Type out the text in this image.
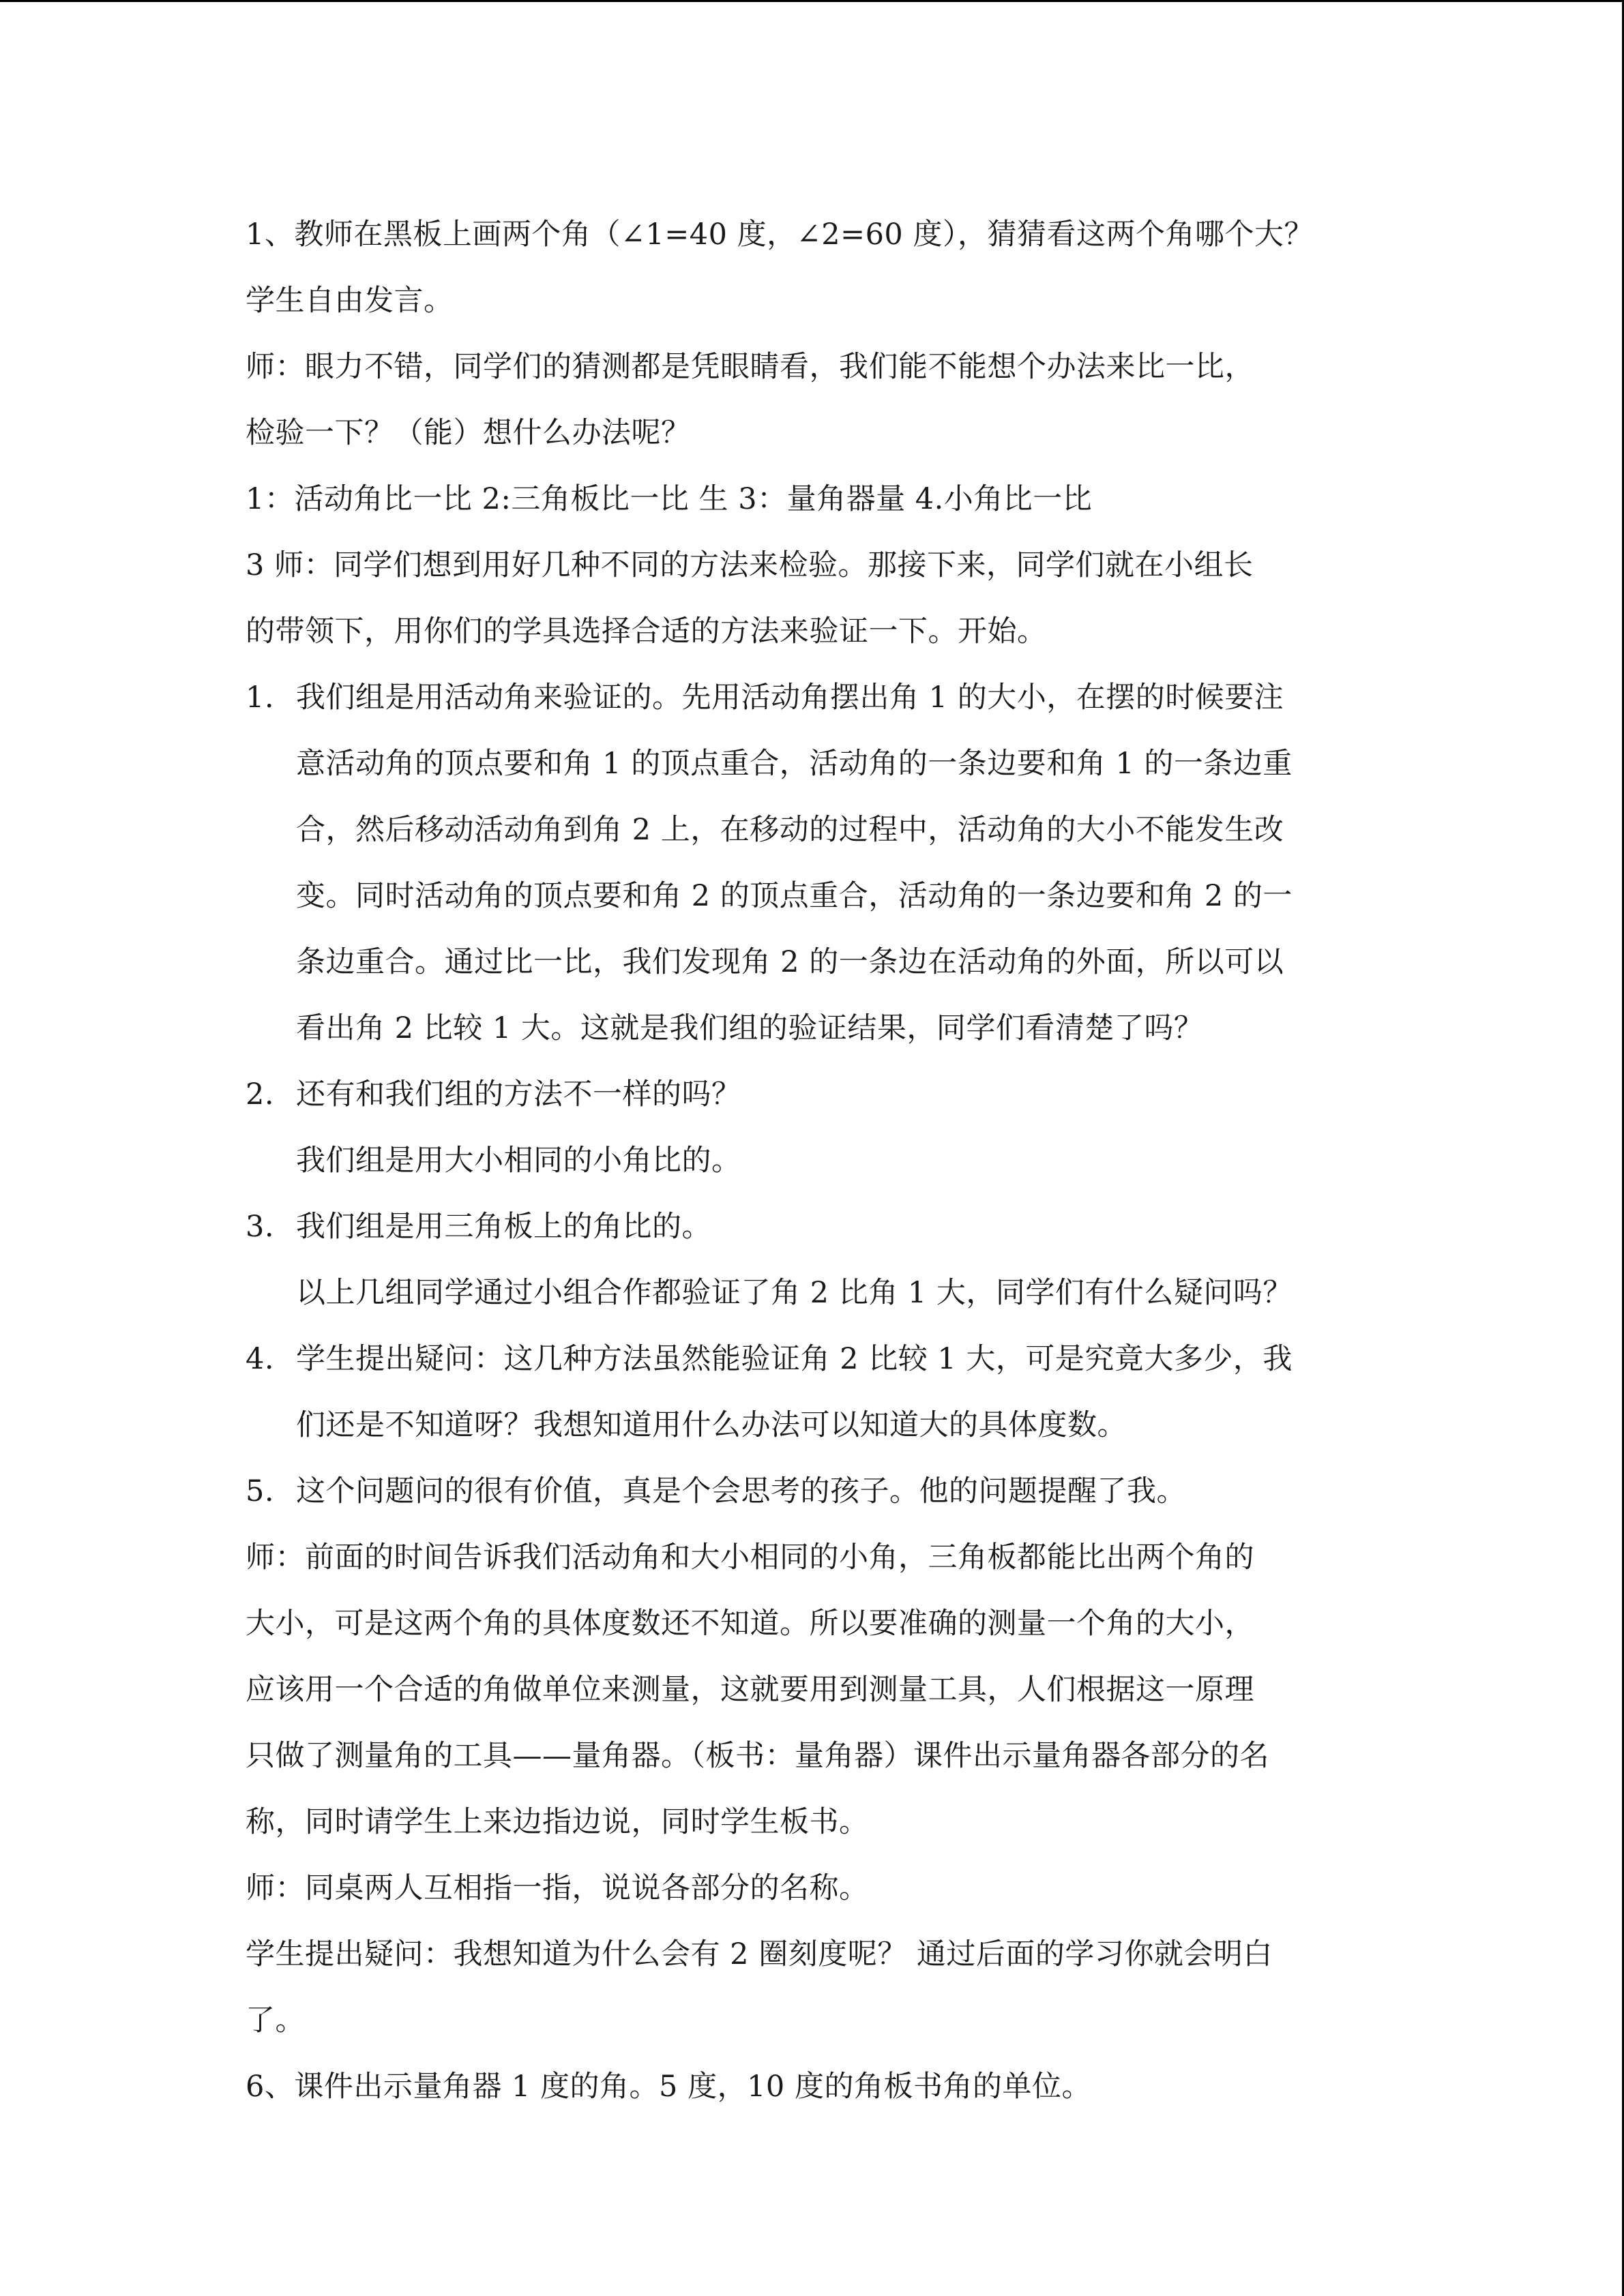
1、教师在黑板上画两个角（∠1=40 度，∠2=60 度），猜猜看这两个角哪个大？
学生自由发言。
师：眼力不错，同学们的猜测都是凭眼睛看，我们能不能想个办法来比一比，
检验一下？（能）想什么办法呢？
1：活动角比一比 2:三角板比一比 生 3：量角器量 4.小角比一比
3 师：同学们想到用好几种不同的方法来检验。那接下来，同学们就在小组长
的带领下，用你们的学具选择合适的方法来验证一下。开始。
1. 我们组是用活动角来验证的。先用活动角摆出角 1 的大小，在摆的时候要注
意活动角的顶点要和角 1 的顶点重合，活动角的一条边要和角 1 的一条边重
合，然后移动活动角到角 2 上，在移动的过程中，活动角的大小不能发生改
变。同时活动角的顶点要和角 2 的顶点重合，活动角的一条边要和角 2 的一
条边重合。通过比一比，我们发现角 2 的一条边在活动角的外面，所以可以
看出角 2 比较 1 大。这就是我们组的验证结果，同学们看清楚了吗？
2. 还有和我们组的方法不一样的吗？
我们组是用大小相同的小角比的。
3. 我们组是用三角板上的角比的。
以上几组同学通过小组合作都验证了角 2 比角 1 大，同学们有什么疑问吗？
4. 学生提出疑问：这几种方法虽然能验证角 2 比较 1 大，可是究竟大多少，我
们还是不知道呀？我想知道用什么办法可以知道大的具体度数。
5. 这个问题问的很有价值，真是个会思考的孩子。他的问题提醒了我。
师：前面的时间告诉我们活动角和大小相同的小角，三角板都能比出两个角的
大小，可是这两个角的具体度数还不知道。所以要准确的测量一个角的大小，
应该用一个合适的角做单位来测量，这就要用到测量工具，人们根据这一原理
只做了测量角的工具——量角器。（板书：量角器）课件出示量角器各部分的名
称，同时请学生上来边指边说，同时学生板书。
师：同桌两人互相指一指，说说各部分的名称。
学生提出疑问：我想知道为什么会有 2 圈刻度呢？ 通过后面的学习你就会明白
了。
6、课件出示量角器 1 度的角。5 度，10 度的角板书角的单位。
